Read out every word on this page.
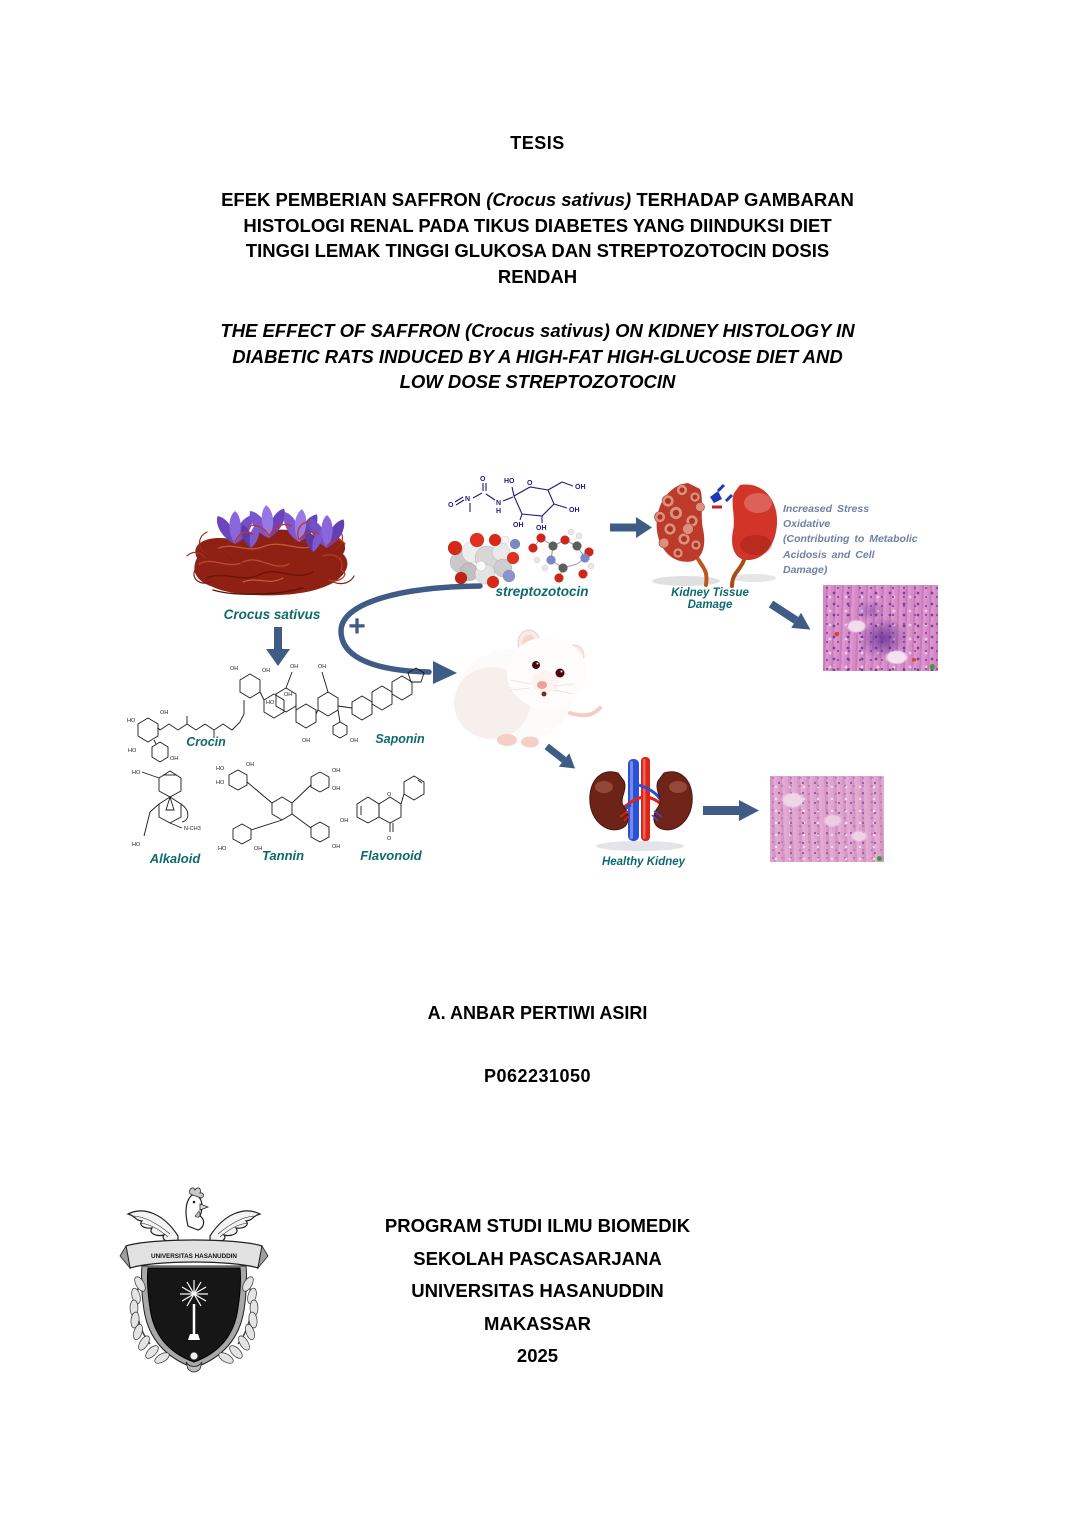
TESIS
EFEK PEMBERIAN SAFFRON (Crocus sativus) TERHADAP GAMBARAN
HISTOLOGI RENAL PADA TIKUS DIABETES YANG DIINDUKSI DIET
TINGGI LEMAK TINGGI GLUKOSA DAN STREPTOZOTOCIN DOSIS
RENDAH
THE EFFECT OF SAFFRON (Crocus sativus) ON KIDNEY HISTOLOGY IN
DIABETIC RATS INDUCED BY A HIGH-FAT HIGH-GLUCOSE DIET AND
LOW DOSE STREPTOZOTOCIN
Crocus sativus +
O
N
O
N
H
O
HO
OH
OH
OH
OH
streptozotocin
Increased Stress Oxidative
(Contributing to Metabolic
Acidosis and Cell Damage)
Kidney Tissue Damage
Healthy Kidney
HO
OH
OH
OH
OH
OH
HO
Crocin
OH	OH
HO
OH	OH	Saponin
N-CH3
HO
HO
Alkaloid
HO
HO
OH
OH
OH
HO	OH	OH
OH
Tannin
O
O
Flavonoid
A. ANBAR PERTIWI ASIRI
P062231050
UNIVERSITAS HASANUDDIN
PROGRAM STUDI ILMU BIOMEDIK
SEKOLAH PASCASARJANA
UNIVERSITAS HASANUDDIN
MAKASSAR
2025
